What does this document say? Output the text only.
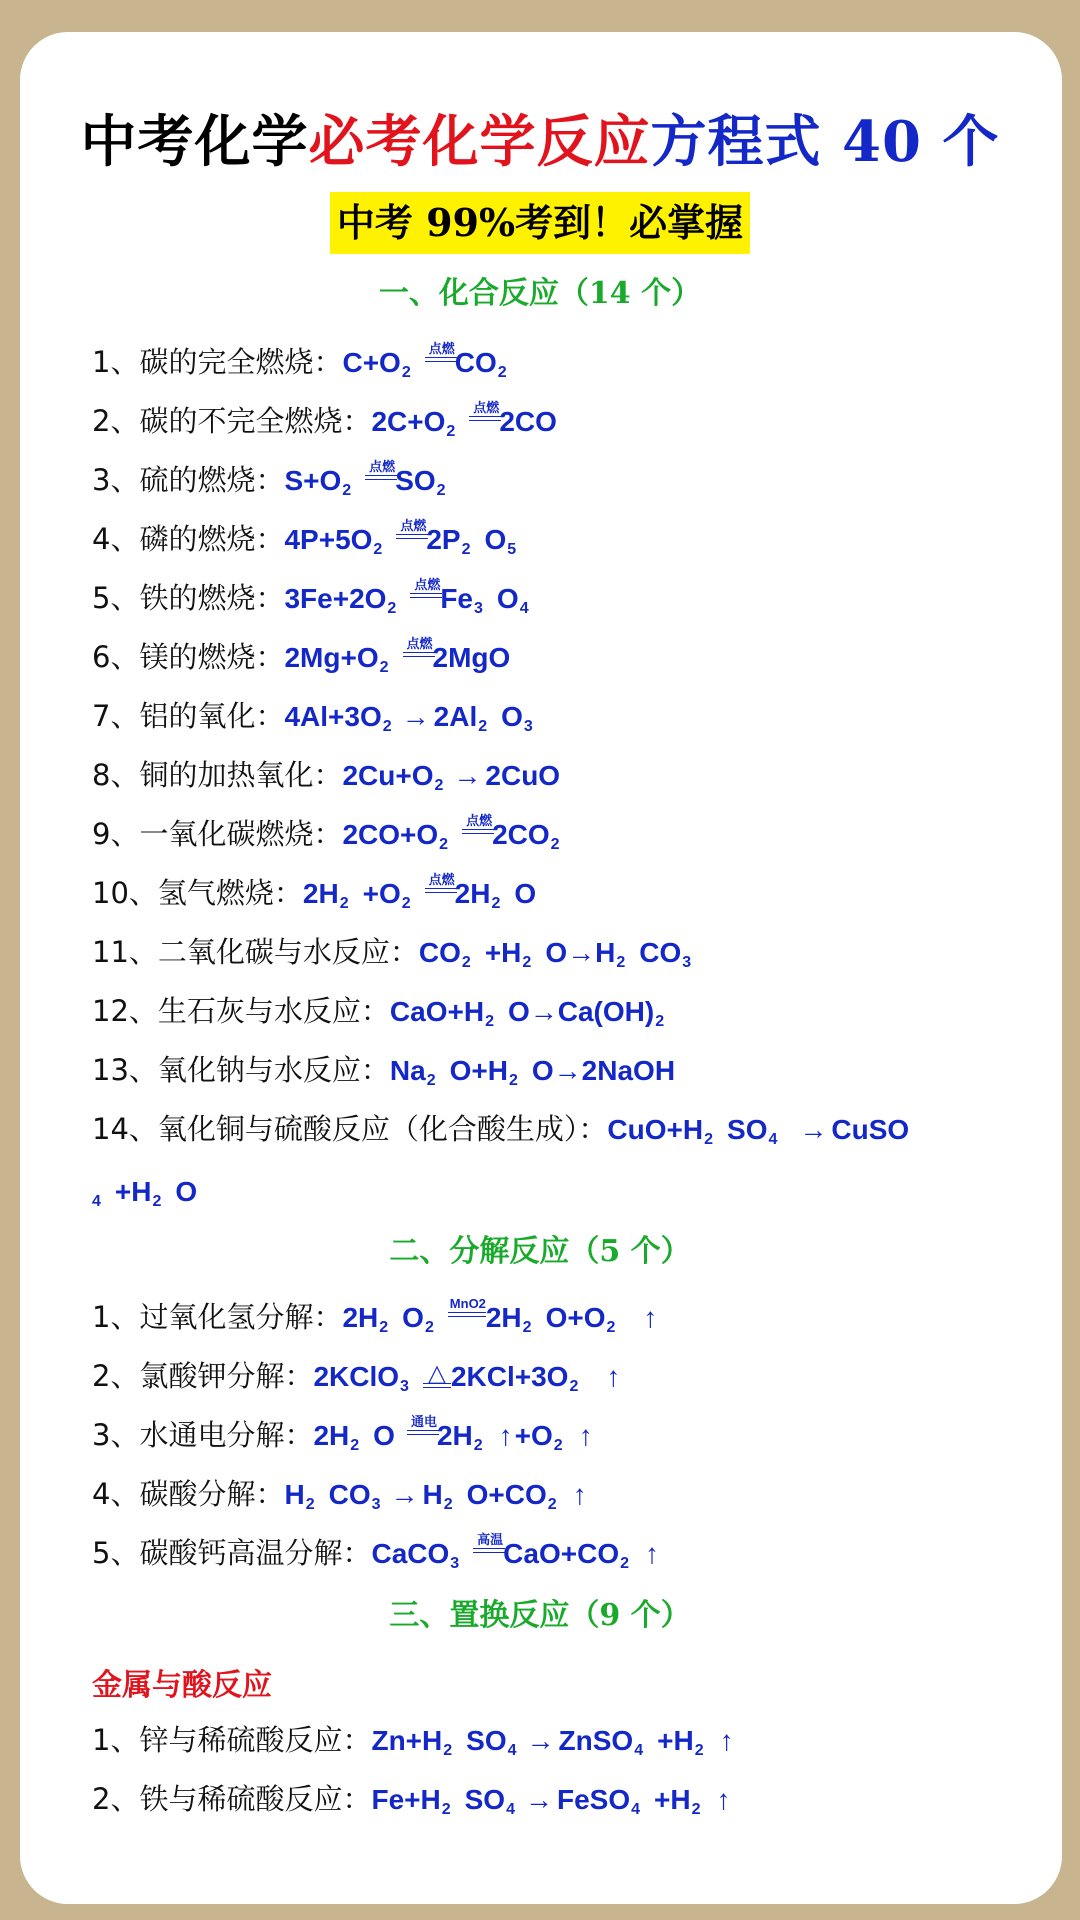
中考化学必考化学反应方程式 40 个
中考 99%考到！必掌握
一、化合反应（14 个）
1、碳的完全燃烧：$C+O_2$
点燃 $CO_2$
2、碳的不完全燃烧：$2C+O_2$
点燃 2CO
3、硫的燃烧：$S+O_2$
点燃 $SO_2$
4、磷的燃烧：$4P+5O_2$
点燃 $2P_2$ $O_5$
5、铁的燃烧：$3Fe+2O_2$
点燃 $Fe_3$ $O_4$
6、镁的燃烧：$2Mg+O_2$
点燃 2MgO
7、铝的氧化：$4Al+3O_2 \to 2Al_2$ $O_3$
8、铜的加热氧化：$2Cu+O_2 \to 2CuO$
9、一氧化碳燃烧：$2CO+O_2$
点燃 $2CO_2$
10、氢气燃烧：$2H_2 +O_2$
点燃 $2H_2$ O
11、二氧化碳与水反应：$CO_2 +H_2$ $O\to H_2$ $CO_3$
12、生石灰与水反应：$CaO+H_2$ $O\to Ca(OH)_2$
13、氧化钠与水反应：$Na_2$ $O+H_2$ O→2NaOH
14、氧化铜与硫酸反应（化合酸生成）：$CuO+H_2$ $SO_4$ → CuSO
$_4 +H_2$ O
二、分解反应（5 个）
1、过氧化氢分解：$2H_2$ $O_2$
MnO2 $2H_2$ $O+O_2$ ↑
2、氯酸钾分解：2KClO$_3$ △ $2KCl+3O_2$ ↑
3、水通电分解：$2H_2$ O	通电 $2H_2$ $↑+O_2$ ↑
4、碳酸分解：$H_2$ $CO_3 \to H_2$ $O+CO_2$ ↑
5、碳酸钙高温分解：CaCO$_3$
高温 $CaO+CO_2$ ↑
三、置换反应（9 个）
金属与酸反应
1、锌与稀硫酸反应：$Zn+H_2$ $SO_4$ → ZnSO$_4$ $+H_2$ ↑
2、铁与稀硫酸反应：$Fe+H_2$ $SO_4$ → FeSO$_4$ $+H_2$ ↑
